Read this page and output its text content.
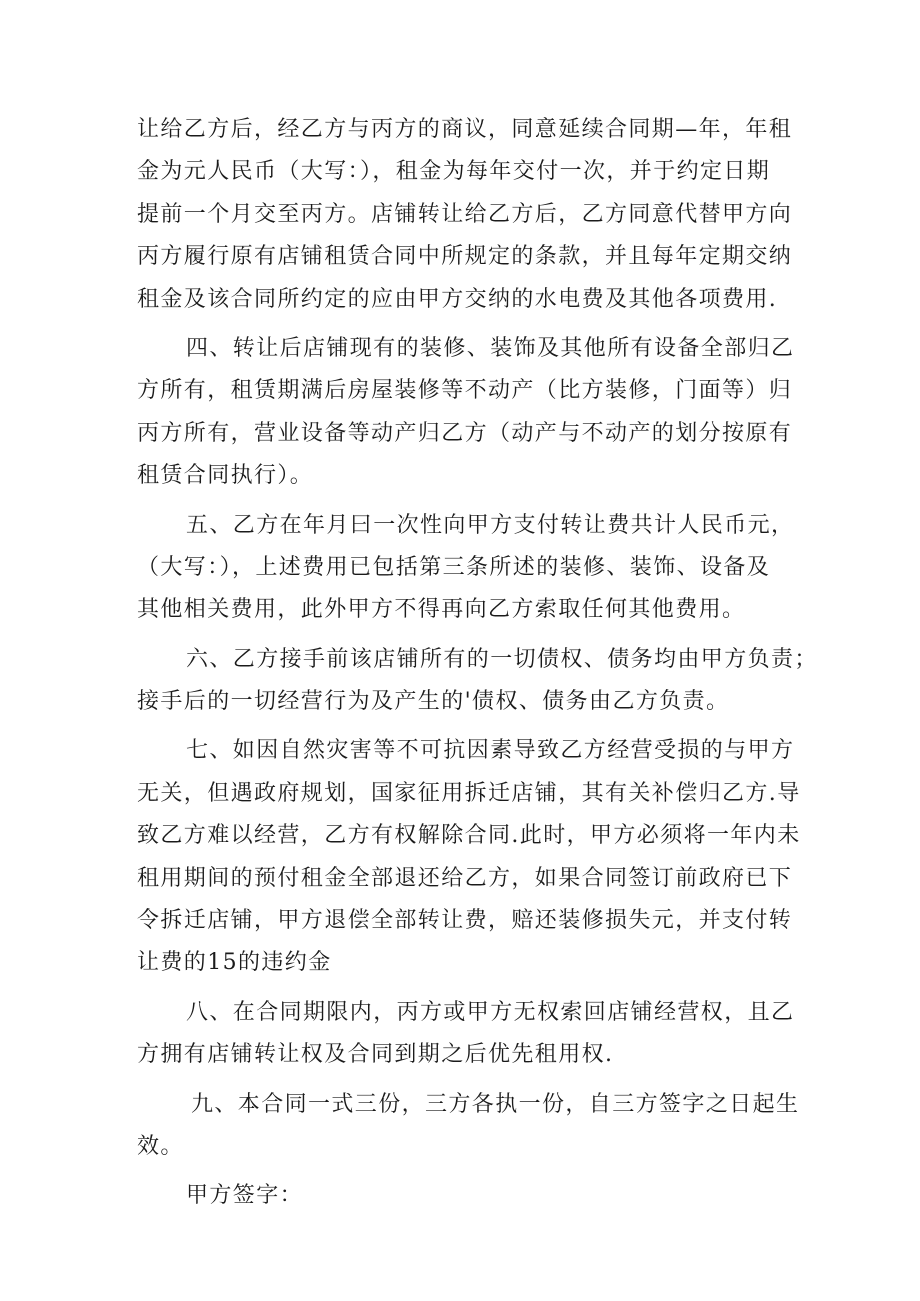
让给乙方后，经乙方与丙方的商议，同意延续合同期—年，年租
金为元人民币（大写：），租金为每年交付一次，并于约定日期
提前一个月交至丙方。店铺转让给乙方后，乙方同意代替甲方向
丙方履行原有店铺租赁合同中所规定的条款，并且每年定期交纳
租金及该合同所约定的应由甲方交纳的水电费及其他各项费用.
四、转让后店铺现有的装修、装饰及其他所有设备全部归乙
方所有，租赁期满后房屋装修等不动产（比方装修，门面等）归
丙方所有，营业设备等动产归乙方（动产与不动产的划分按原有
租赁合同执行）。
五、乙方在年月曰一次性向甲方支付转让费共计人民币元，
（大写：），上述费用已包括第三条所述的装修、装饰、设备及
其他相关费用，此外甲方不得再向乙方索取任何其他费用。
六、乙方接手前该店铺所有的一切债权、债务均由甲方负责；
接手后的一切经营行为及产生的'债权、债务由乙方负责。
七、如因自然灾害等不可抗因素导致乙方经营受损的与甲方
无关，但遇政府规划，国家征用拆迁店铺，其有关补偿归乙方.导
致乙方难以经营，乙方有权解除合同.此时，甲方必须将一年内未
租用期间的预付租金全部退还给乙方，如果合同签订前政府已下
令拆迁店铺，甲方退偿全部转让费，赔还装修损失元，并支付转
让费的15的违约金
八、在合同期限内，丙方或甲方无权索回店铺经营权，且乙
方拥有店铺转让权及合同到期之后优先租用权.
九、本合同一式三份，三方各执一份，自三方签字之日起生
效。
甲方签字：
